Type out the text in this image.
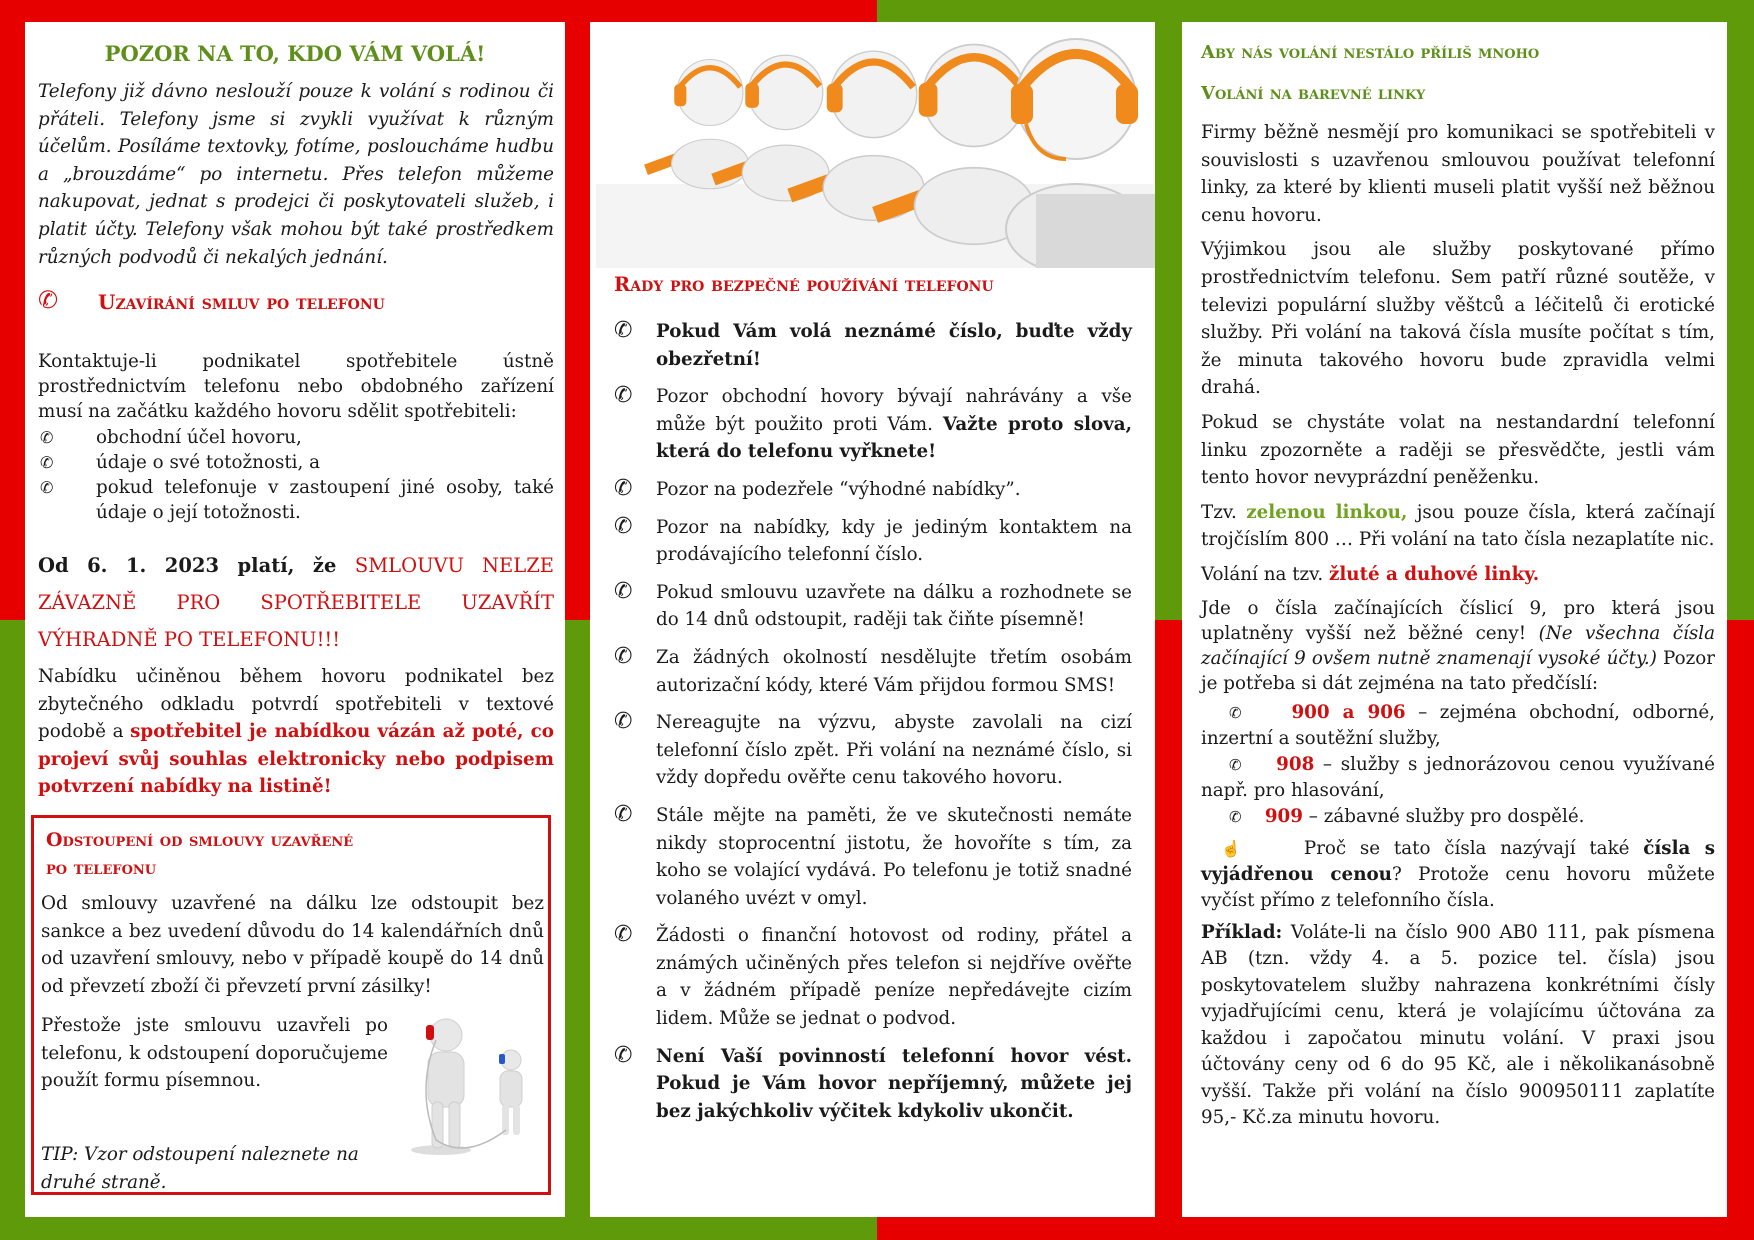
POZOR NA TO, KDO VÁM VOLÁ!

Telefony již dávno neslouží pouze k volání s rodinou či přáteli. Telefony jsme si zvykli využívat k různým účelům. Posíláme textovky, fotíme, posloucháme hudbu a „brouzdáme“ po internetu. Přes telefon můžeme nakupovat, jednat s prodejci či poskytovateli služeb, i platit účty. Telefony však mohou být také prostředkem různých podvodů či nekalých jednání.

✆ Uzavírání smluv po telefonu

Kontaktuje-li podnikatel spotřebitele ústně prostřednictvím telefonu nebo obdobného zařízení musí na začátku každého hovoru sdělit spotřebiteli:

✆ obchodní účel hovoru,
✆ údaje o své totožnosti, a
✆ pokud telefonuje v zastoupení jiné osoby, také údaje o její totožnosti.

Od 6. 1. 2023 platí, že SMLOUVU NELZE ZÁVAZNĚ PRO SPOTŘEBITELE UZAVŘÍT VÝHRADNĚ PO TELEFONU!!!

Nabídku učiněnou během hovoru podnikatel bez zbytečného odkladu potvrdí spotřebiteli v textové podobě a spotřebitel je nabídkou vázán až poté, co projeví svůj souhlas elektronicky nebo podpisem potvrzení nabídky na listině!

Odstoupení od smlouvy uzavřené
po telefonu

Od smlouvy uzavřené na dálku lze odstoupit bez sankce a bez uvedení důvodu do 14 kalendářních dnů od uzavření smlouvy, nebo v případě koupě do 14 dnů od převzetí zboží či převzetí první zásilky!

Přestože jste smlouvu uzavřeli po telefonu, k odstoupení doporučujeme použít formu písemnou.

TIP: Vzor odstoupení naleznete na druhé straně.

Rady pro bezpečné používání telefonu
✆ Pokud Vám volá neznámé číslo, buďte vždy obezřetní!
✆ Pozor obchodní hovory bývají nahrávány a vše může být použito proti Vám. Važte proto slova, která do telefonu vyřknete!
✆ Pozor na podezřele “výhodné nabídky”.
✆ Pozor na nabídky, kdy je jediným kontaktem na prodávajícího telefonní číslo.
✆ Pokud smlouvu uzavřete na dálku a rozhodnete se do 14 dnů odstoupit, raději tak čiňte písemně!
✆ Za žádných okolností nesdělujte třetím osobám autorizační kódy, které Vám přijdou formou SMS!
✆ Nereagujte na výzvu, abyste zavolali na cizí telefonní číslo zpět. Při volání na neznámé číslo, si vždy dopředu ověřte cenu takového hovoru.
✆ Stále mějte na paměti, že ve skutečnosti nemáte nikdy stoprocentní jistotu, že hovoříte s tím, za koho se volající vydává. Po telefonu je totiž snadné volaného uvézt v omyl.
✆ Žádosti o finanční hotovost od rodiny, přátel a známých učiněných přes telefon si nejdříve ověřte a v žádném případě peníze nepředávejte cizím lidem. Může se jednat o podvod.
✆ Není Vaší povinností telefonní hovor vést. Pokud je Vám hovor nepříjemný, můžete jej bez jakýchkoliv výčitek kdykoliv ukončit.
Aby nás volání nestálo příliš mnoho
Volání na barevné linky

Firmy běžně nesmějí pro komunikaci se spotřebiteli v souvislosti s uzavřenou smlouvou používat telefonní linky, za které by klienti museli platit vyšší než běžnou cenu hovoru.

Výjimkou jsou ale služby poskytované přímo prostřednictvím telefonu. Sem patří různé soutěže, v televizi populární služby věštců a léčitelů či erotické služby. Při volání na taková čísla musíte počítat s tím, že minuta takového hovoru bude zpravidla velmi drahá.

Pokud se chystáte volat na nestandardní telefonní linku zpozorněte a raději se přesvědčte, jestli vám tento hovor nevyprázdní peněženku.

Tzv. zelenou linkou, jsou pouze čísla, která začínají trojčíslím 800 … Při volání na tato čísla nezaplatíte nic.

Volání na tzv. žluté a duhové linky.

Jde o čísla začínajících číslicí 9, pro která jsou uplatněny vyšší než běžné ceny! (Ne všechna čísla začínající 9 ovšem nutně znamenají vysoké účty.) Pozor je potřeba si dát zejména na tato předčíslí:

✆	900 a 906 – zejména obchodní, odborné, inzertní a soutěžní služby,

✆ 908 – služby s jednorázovou cenou využívané např. pro hlasování,

✆ 909 – zábavné služby pro dospělé.

☝	Proč se tato čísla nazývají také čísla s vyjádřenou cenou? Protože cenu hovoru můžete vyčíst přímo z telefonního čísla.

Příklad: Voláte-li na číslo 900 AB0 111, pak písmena AB (tzn. vždy 4. a 5. pozice tel. čísla) jsou poskytovatelem služby nahrazena konkrétními čísly vyjadřujícími cenu, která je volajícímu účtována za každou i započatou minutu volání. V praxi jsou účtovány ceny od 6 do 95 Kč, ale i několikanásobně vyšší. Takže při volání na číslo 900950111 zaplatíte 95,- Kč.za minutu hovoru.
